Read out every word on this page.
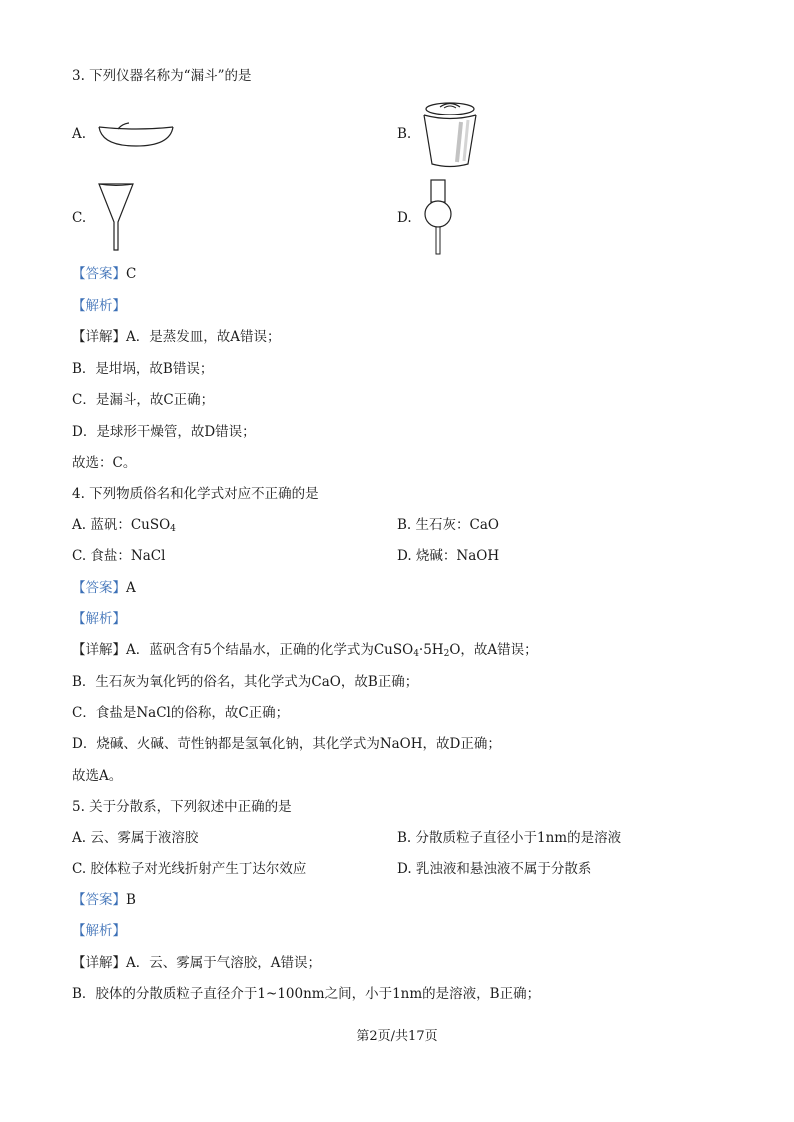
3. 下列仪器名称为“漏斗”的是
A.	B.
C.	D.
【答案】C
【解析】
【详解】A．是蒸发皿，故A错误；
B．是坩埚，故B错误；
C．是漏斗，故C正确；
D．是球形干燥管，故D错误；
故选：C。
4. 下列物质俗名和化学式对应不正确的是
A. 蓝矾：CuSO$_4$	B. 生石灰：CaO
C. 食盐：NaCl	D. 烧碱：NaOH
【答案】A
【解析】
【详解】A．蓝矾含有5个结晶水，正确的化学式为$CuSO_4\cdot 5H_2O$，故A错误；
B．生石灰为氧化钙的俗名，其化学式为CaO，故B正确；
C．食盐是NaCl的俗称，故C正确；
D．烧碱、火碱、苛性钠都是氢氧化钠，其化学式为NaOH，故D正确；
故选A。
5. 关于分散系，下列叙述中正确的是
A. 云、雾属于液溶胶	B. 分散质粒子直径小于1nm的是溶液
C. 胶体粒子对光线折射产生丁达尔效应	D. 乳浊液和悬浊液不属于分散系
【答案】B
【解析】
【详解】A．云、雾属于气溶胶，A错误；
B．胶体的分散质粒子直径介于1~100nm之间，小于1nm的是溶液，B正确；
第2页/共17页
